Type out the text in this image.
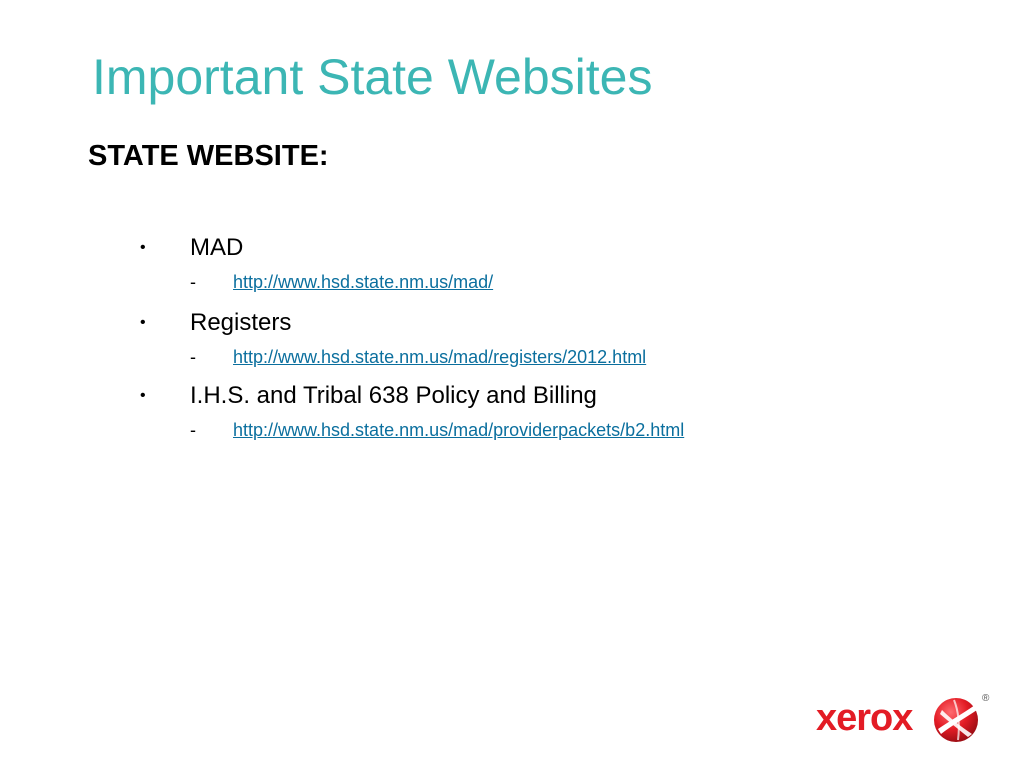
Important State Websites
STATE WEBSITE:
• MAD
- http://www.hsd.state.nm.us/mad/
• Registers
- http://www.hsd.state.nm.us/mad/registers/2012.html
• I.H.S. and Tribal 638 Policy and Billing
- http://www.hsd.state.nm.us/mad/providerpackets/b2.html
xerox	®
